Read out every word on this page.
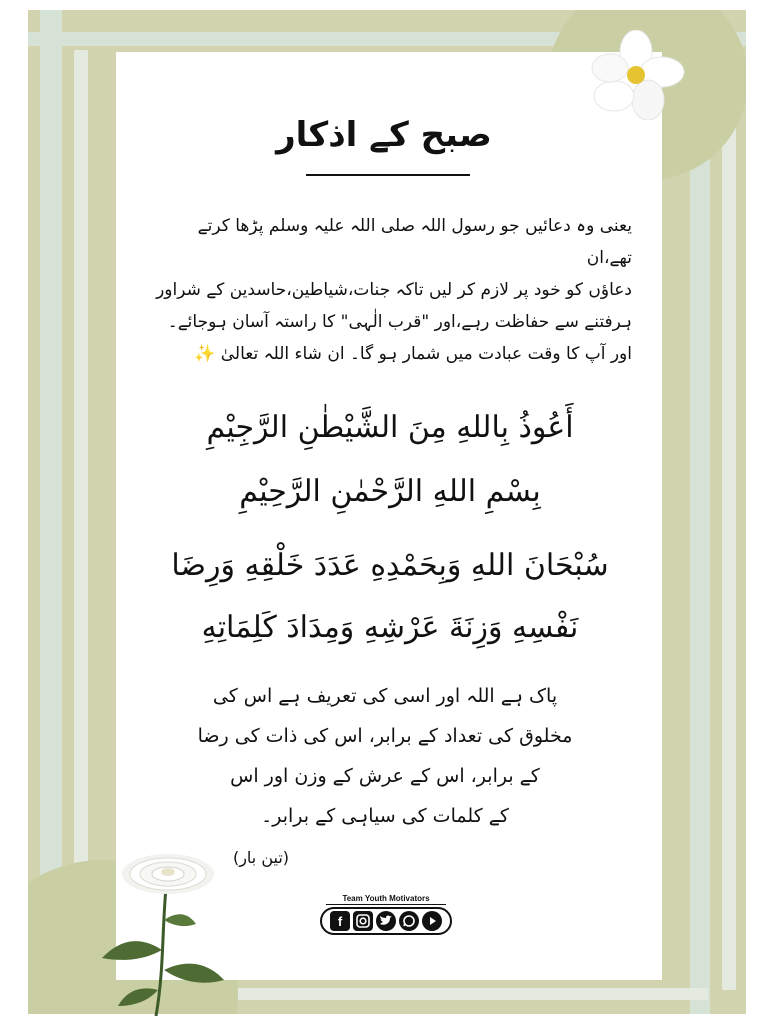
صبح کے اذکار
یعنی وہ دعائیں جو رسول اللہ صلی اللہ علیہ وسلم پڑھا کرتے تھے،ان
دعاؤں کو خود پر لازم کر لیں تاکہ جنات،شیاطین،حاسدین کے شراور
ہرفتنے سے حفاظت رہے،اور "قرب الٰہی" کا راستہ آسان ہوجائے۔
اور آپ کا وقت عبادت میں شمار ہو گا۔ ان شاء اللہ تعالیٰ ✨
أَعُوذُ بِاللهِ مِنَ الشَّيْطٰنِ الرَّجِيْمِ
بِسْمِ اللهِ الرَّحْمٰنِ الرَّحِيْمِ
سُبْحَانَ اللهِ وَبِحَمْدِهِ عَدَدَ خَلْقِهِ وَرِضَا
نَفْسِهِ وَزِنَةَ عَرْشِهِ وَمِدَادَ كَلِمَاتِهِ
پاک ہے اللہ اور اسی کی تعریف ہے اس کی
مخلوق کی تعداد کے برابر، اس کی ذات کی رضا
کے برابر، اس کے عرش کے وزن اور اس
کے کلمات کی سیاہی کے برابر۔
(تین بار)
Team Youth Motivators
f
